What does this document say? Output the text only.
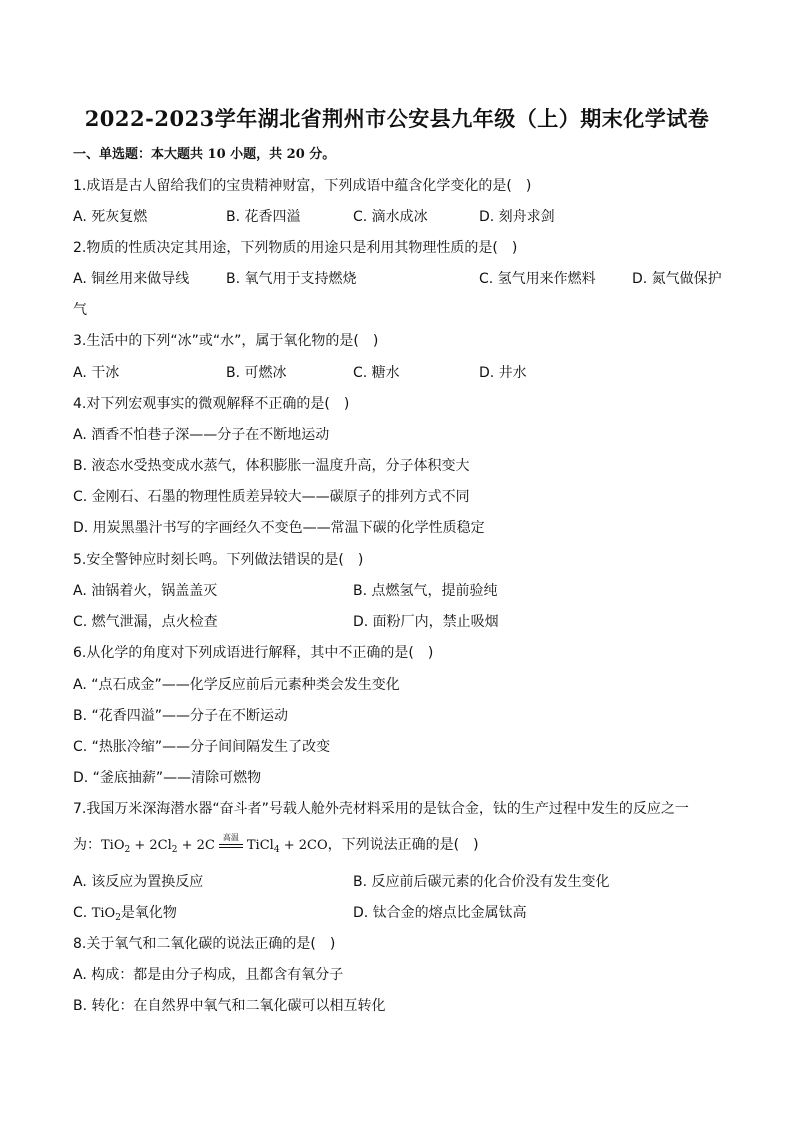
2022-2023学年湖北省荆州市公安县九年级（上）期末化学试卷
一、单选题：本大题共 10 小题，共 20 分。
1.成语是古人留给我们的宝贵精神财富，下列成语中蕴含化学变化的是(　)
A. 死灰复燃	B. 花香四溢	C. 滴水成冰	D. 刻舟求剑
2.物质的性质决定其用途，下列物质的用途只是利用其物理性质的是(　)
A. 铜丝用来做导线	B. 氧气用于支持燃烧	C. 氢气用来作燃料	D. 氮气做保护
气
3.生活中的下列“冰”或“水”，属于氧化物的是(　)
A. 干冰	B. 可燃冰	C. 糖水	D. 井水
4.对下列宏观事实的微观解释不正确的是(　)
A. 酒香不怕巷子深——分子在不断地运动
B. 液态水受热变成水蒸气，体积膨胀一温度升高，分子体积变大
C. 金刚石、石墨的物理性质差异较大——碳原子的排列方式不同
D. 用炭黑墨汁书写的字画经久不变色——常温下碳的化学性质稳定
5.安全警钟应时刻长鸣。下列做法错误的是(　)
A. 油锅着火，锅盖盖灭	B. 点燃氢气，提前验纯
C. 燃气泄漏，点火检查	D. 面粉厂内，禁止吸烟
6.从化学的角度对下列成语进行解释，其中不正确的是(　)
A. “点石成金”——化学反应前后元素种类会发生变化
B. “花香四溢”——分子在不断运动
C. “热胀冷缩”——分子间间隔发生了改变
D. “釜底抽薪”——清除可燃物
7.我国万米深海潜水器“奋斗者”号载人舱外壳材料采用的是钛合金，钛的生产过程中发生的反应之一
为：$TiO_2 + 2Cl_2 + 2C$
高温
TiCl$_4$ + 2CO，下列说法正确的是(　)
A. 该反应为置换反应	B. 反应前后碳元素的化合价没有发生变化
C. TiO$_2$是氧化物	D. 钛合金的熔点比金属钛高
8.关于氧气和二氧化碳的说法正确的是(　)
A. 构成：都是由分子构成，且都含有氧分子
B. 转化：在自然界中氧气和二氧化碳可以相互转化
